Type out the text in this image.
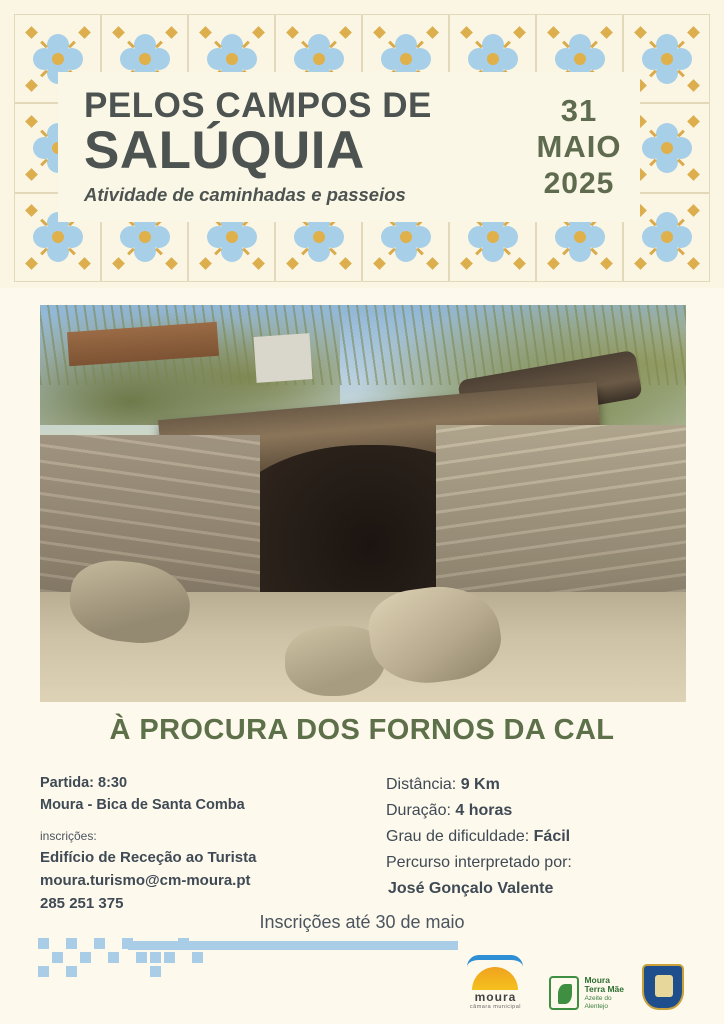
PELOS CAMPOS DE
SALÚQUIA
Atividade de caminhadas e passeios
31
MAIO
2025
À PROCURA DOS FORNOS DA CAL
Partida: 8:30
Moura - Bica de Santa Comba
inscrições:
Edifício de Receção ao Turista
moura.turismo@cm-moura.pt
285 251 375
Distância: 9 Km
Duração: 4 horas
Grau de dificuldade: Fácil
Percurso interpretado por:
José Gonçalo Valente
Inscrições até 30 de maio
moura
câmara municipal
Moura
Terra Mãe
Azeite do
Alentejo
